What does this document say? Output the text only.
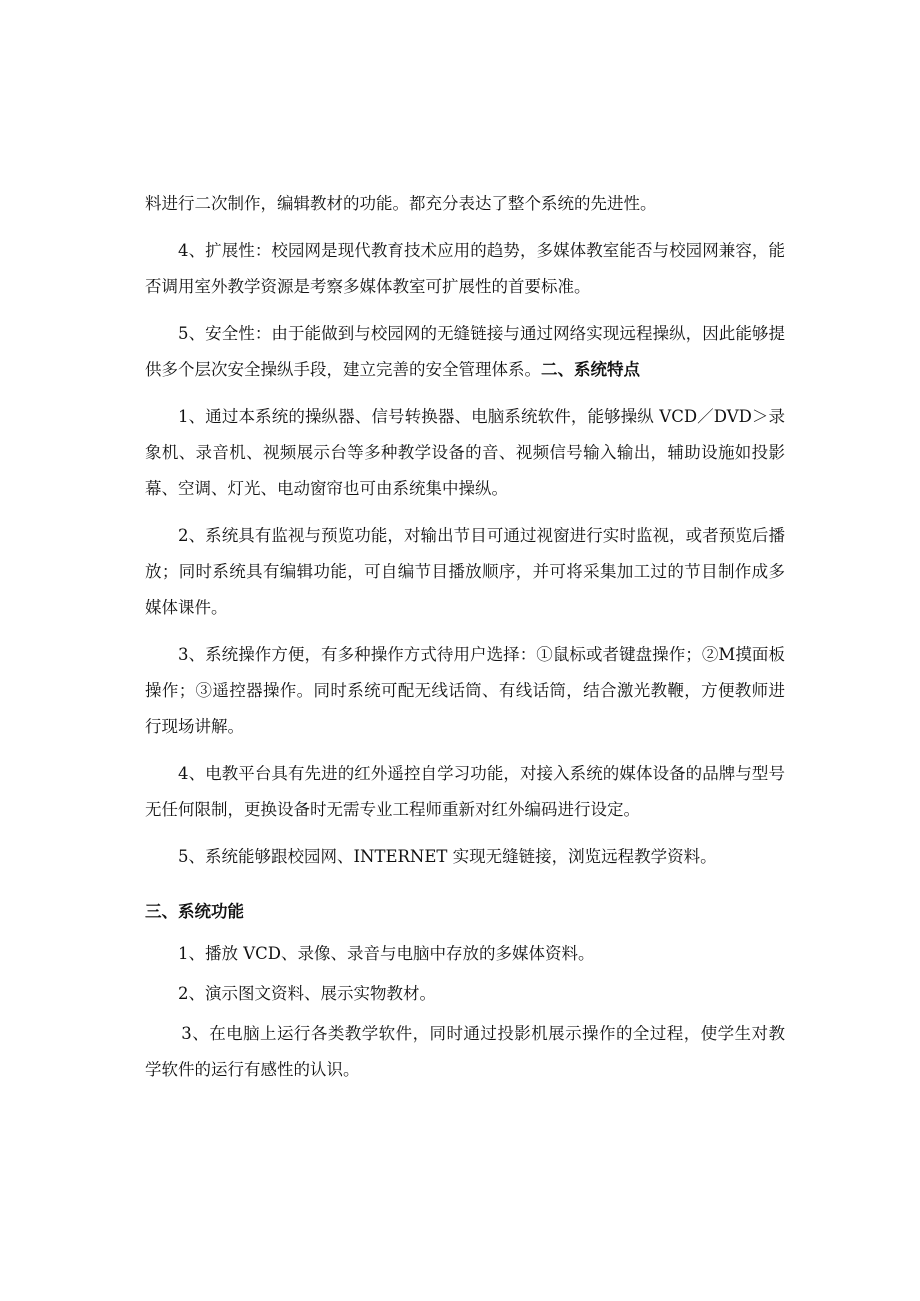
料进行二次制作，编辑教材的功能。都充分表达了整个系统的先进性。

4、扩展性：校园网是现代教育技术应用的趋势，多媒体教室能否与校园网兼容，能否调用室外教学资源是考察多媒体教室可扩展性的首要标准。

5、安全性：由于能做到与校园网的无缝链接与通过网络实现远程操纵，因此能够提供多个层次安全操纵手段，建立完善的安全管理体系。二、系统特点

1、通过本系统的操纵器、信号转换器、电脑系统软件，能够操纵 VCD／DVD＞录象机、录音机、视频展示台等多种教学设备的音、视频信号输入输出，辅助设施如投影幕、空调、灯光、电动窗帘也可由系统集中操纵。

2、系统具有监视与预览功能，对输出节目可通过视窗进行实时监视，或者预览后播放；同时系统具有编辑功能，可自编节目播放顺序，并可将采集加工过的节目制作成多媒体课件。

3、系统操作方便，有多种操作方式待用户选择：①鼠标或者键盘操作；②M摸面板操作；③遥控器操作。同时系统可配无线话筒、有线话筒，结合激光教鞭，方便教师进行现场讲解。

4、电教平台具有先进的红外遥控自学习功能，对接入系统的媒体设备的品牌与型号无任何限制，更换设备时无需专业工程师重新对红外编码进行设定。

5、系统能够跟校园网、INTERNET 实现无缝链接，浏览远程教学资料。

三、系统功能

1、播放 VCD、录像、录音与电脑中存放的多媒体资料。

2、演示图文资料、展示实物教材。

3、在电脑上运行各类教学软件，同时通过投影机展示操作的全过程，使学生对教学软件的运行有感性的认识。
